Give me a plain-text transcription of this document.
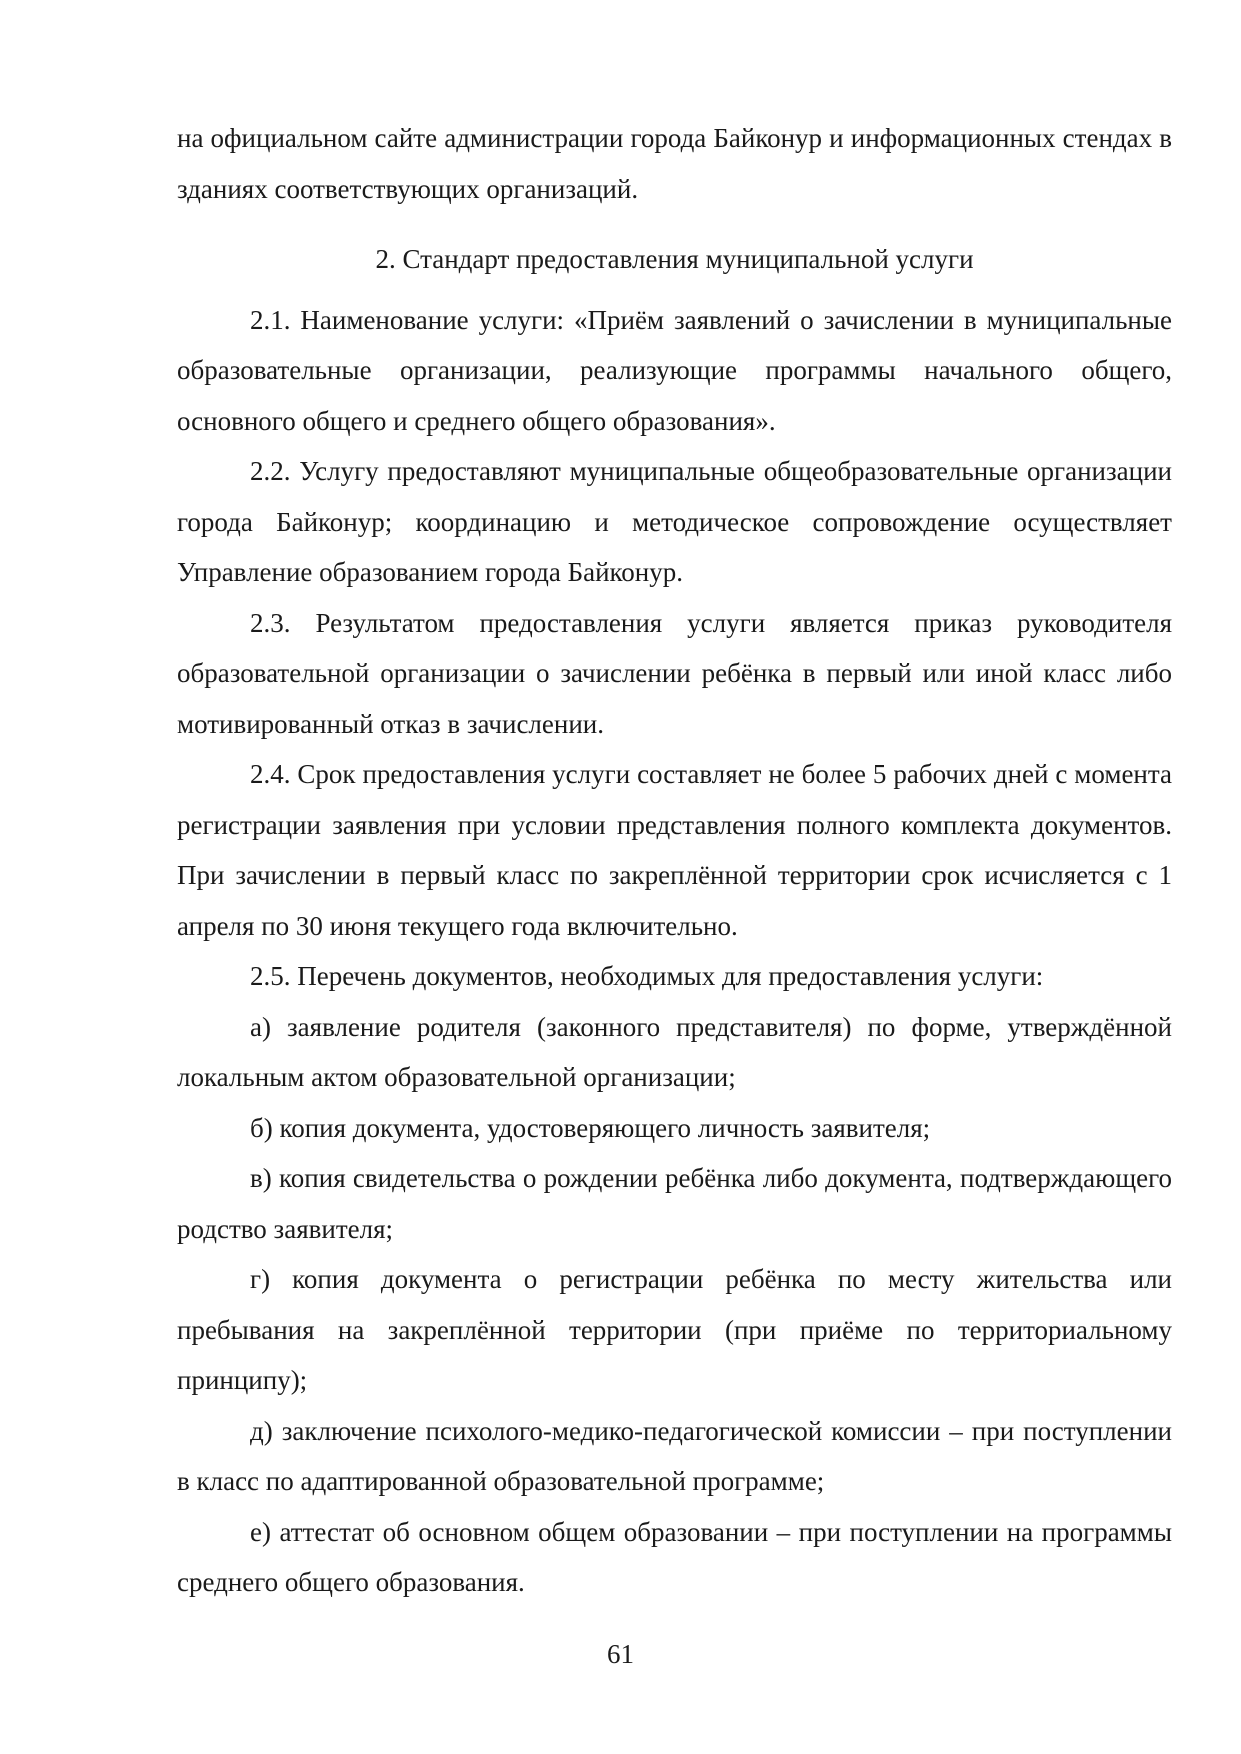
на официальном сайте администрации города Байконур и информационных стендах в зданиях соответствующих организаций.

2. Стандарт предоставления муниципальной услуги

2.1. Наименование услуги: «Приём заявлений о зачислении в муниципальные образовательные организации, реализующие программы начального общего, основного общего и среднего общего образования».

2.2. Услугу предоставляют муниципальные общеобразовательные организации города Байконур; координацию и методическое сопровождение осуществляет Управление образованием города Байконур.

2.3. Результатом предоставления услуги является приказ руководителя образовательной организации о зачислении ребёнка в первый или иной класс либо мотивированный отказ в зачислении.

2.4. Срок предоставления услуги составляет не более 5 рабочих дней с момента регистрации заявления при условии представления полного комплекта документов. При зачислении в первый класс по закреплённой территории срок исчисляется с 1 апреля по 30 июня текущего года включительно.

2.5. Перечень документов, необходимых для предоставления услуги:

а) заявление родителя (законного представителя) по форме, утверждённой локальным актом образовательной организации;

б) копия документа, удостоверяющего личность заявителя;

в) копия свидетельства о рождении ребёнка либо документа, подтверждающего родство заявителя;

г) копия документа о регистрации ребёнка по месту жительства или пребывания на закреплённой территории (при приёме по территориальному принципу);

д) заключение психолого-медико-педагогической комиссии – при поступлении в класс по адаптированной образовательной программе;

е) аттестат об основном общем образовании – при поступлении на программы среднего общего образования.

61
